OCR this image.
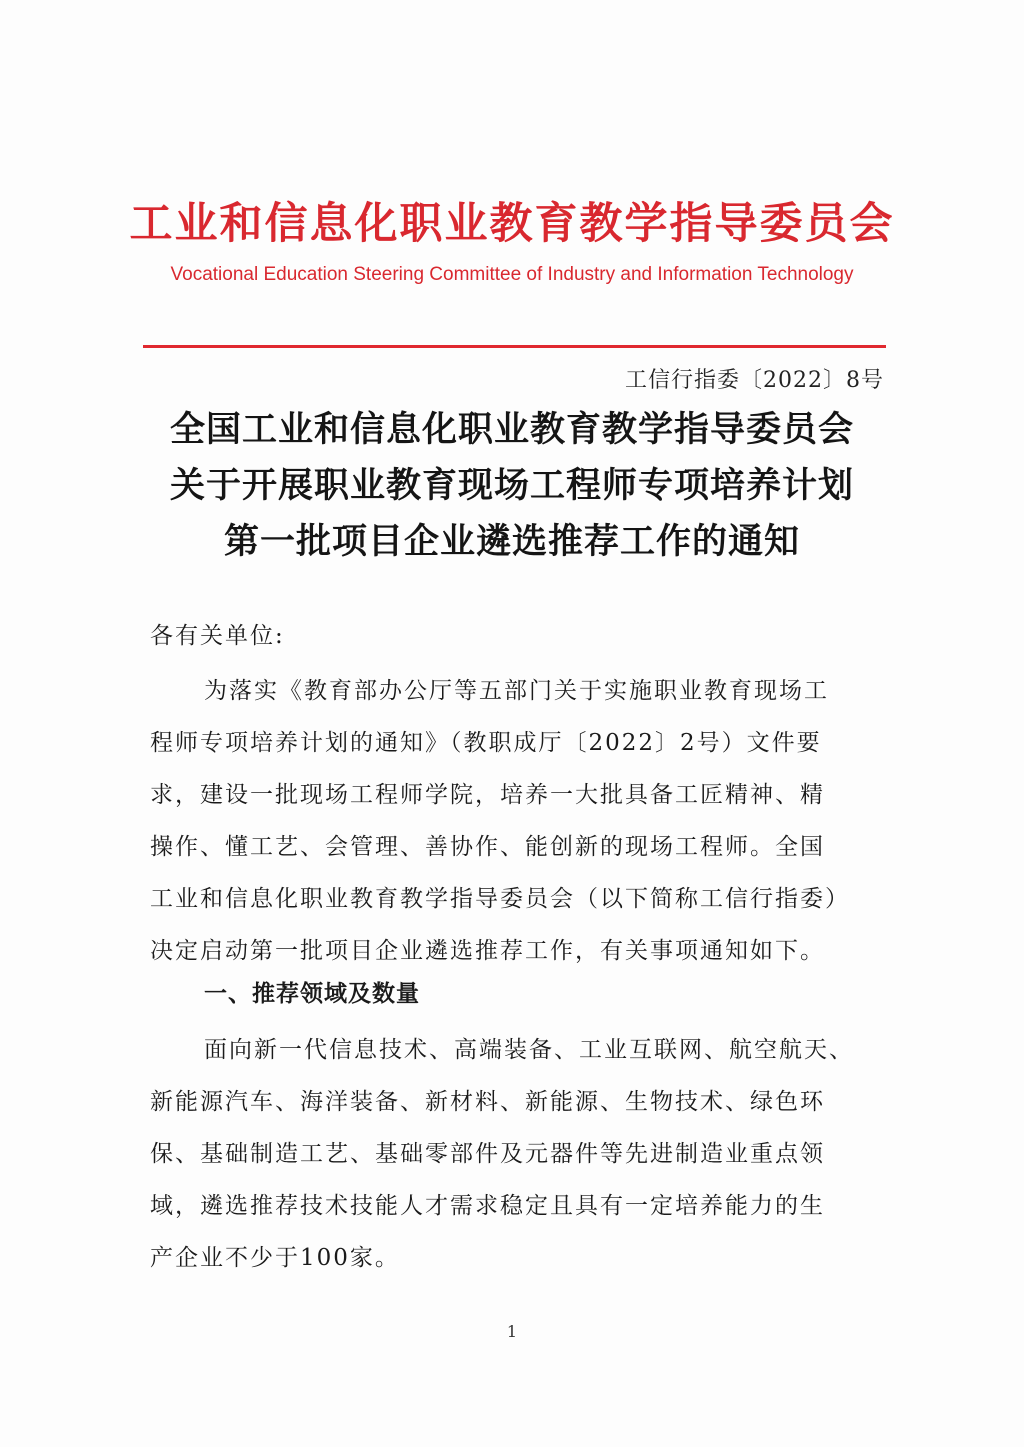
工业和信息化职业教育教学指导委员会
Vocational Education Steering Committee of Industry and Information Technology
工信行指委〔2022〕8号
全国工业和信息化职业教育教学指导委员会
关于开展职业教育现场工程师专项培养计划
第一批项目企业遴选推荐工作的通知
各有关单位:
为落实《教育部办公厅等五部门关于实施职业教育现场工
程师专项培养计划的通知》（教职成厅〔2022〕2号）文件要
求，建设一批现场工程师学院，培养一大批具备工匠精神、精
操作、懂工艺、会管理、善协作、能创新的现场工程师。全国
工业和信息化职业教育教学指导委员会（以下简称工信行指委）
决定启动第一批项目企业遴选推荐工作，有关事项通知如下。
一、推荐领域及数量
面向新一代信息技术、高端装备、工业互联网、航空航天、
新能源汽车、海洋装备、新材料、新能源、生物技术、绿色环
保、基础制造工艺、基础零部件及元器件等先进制造业重点领
域，遴选推荐技术技能人才需求稳定且具有一定培养能力的生
产企业不少于100家。
1
